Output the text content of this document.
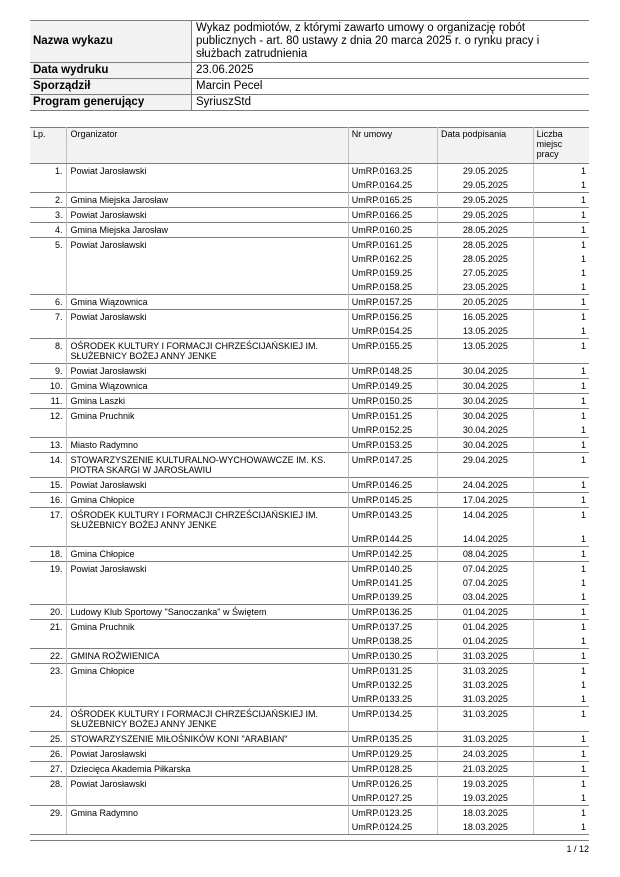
Nazwa wykazu	Wykaz podmiotów, z którymi zawarto umowy o organizację robót publicznych - art. 80 ustawy z dnia 20 marca 2025 r. o rynku pracy i służbach zatrudnienia
Data wydruku	23.06.2025
Sporządził	Marcin Pecel
Program generujący	SyriuszStd
Lp.	Organizator	Nr umowy	Data podpisania	Liczba miejsc pracy
1.	Powiat Jarosławski	UmRP.0163.25	29.05.2025	1
		UmRP.0164.25	29.05.2025	1
2.	Gmina Miejska Jarosław	UmRP.0165.25	29.05.2025	1
3.	Powiat Jarosławski	UmRP.0166.25	29.05.2025	1
4.	Gmina Miejska Jarosław	UmRP.0160.25	28.05.2025	1
5.	Powiat Jarosławski	UmRP.0161.25	28.05.2025	1
		UmRP.0162.25	28.05.2025	1
		UmRP.0159.25	27.05.2025	1
		UmRP.0158.25	23.05.2025	1
6.	Gmina Wiązownica	UmRP.0157.25	20.05.2025	1
7.	Powiat Jarosławski	UmRP.0156.25	16.05.2025	1
		UmRP.0154.25	13.05.2025	1
8.	OŚRODEK KULTURY I FORMACJI CHRZEŚCIJAŃSKIEJ IM. SŁUŻEBNICY BOŻEJ ANNY JENKE	UmRP.0155.25	13.05.2025	1
9.	Powiat Jarosławski	UmRP.0148.25	30.04.2025	1
10.	Gmina Wiązownica	UmRP.0149.25	30.04.2025	1
11.	Gmina Laszki	UmRP.0150.25	30.04.2025	1
12.	Gmina Pruchnik	UmRP.0151.25	30.04.2025	1
		UmRP.0152.25	30.04.2025	1
13.	Miasto Radymno	UmRP.0153.25	30.04.2025	1
14.	STOWARZYSZENIE KULTURALNO-WYCHOWAWCZE IM. KS. PIOTRA SKARGI W JAROSŁAWIU	UmRP.0147.25	29.04.2025	1
15.	Powiat Jarosławski	UmRP.0146.25	24.04.2025	1
16.	Gmina Chłopice	UmRP.0145.25	17.04.2025	1
17.	OŚRODEK KULTURY I FORMACJI CHRZEŚCIJAŃSKIEJ IM. SŁUŻEBNICY BOŻEJ ANNY JENKE	UmRP.0143.25	14.04.2025	1
		UmRP.0144.25	14.04.2025	1
18.	Gmina Chłopice	UmRP.0142.25	08.04.2025	1
19.	Powiat Jarosławski	UmRP.0140.25	07.04.2025	1
		UmRP.0141.25	07.04.2025	1
		UmRP.0139.25	03.04.2025	1
20.	Ludowy Klub Sportowy "Sanoczanka" w Świętem	UmRP.0136.25	01.04.2025	1
21.	Gmina Pruchnik	UmRP.0137.25	01.04.2025	1
		UmRP.0138.25	01.04.2025	1
22.	GMINA ROŹWIENICA	UmRP.0130.25	31.03.2025	1
23.	Gmina Chłopice	UmRP.0131.25	31.03.2025	1
		UmRP.0132.25	31.03.2025	1
		UmRP.0133.25	31.03.2025	1
24.	OŚRODEK KULTURY I FORMACJI CHRZEŚCIJAŃSKIEJ IM. SŁUŻEBNICY BOŻEJ ANNY JENKE	UmRP.0134.25	31.03.2025	1
25.	STOWARZYSZENIE MIŁOŚNIKÓW KONI "ARABIAN"	UmRP.0135.25	31.03.2025	1
26.	Powiat Jarosławski	UmRP.0129.25	24.03.2025	1
27.	Dziecięca Akademia Piłkarska	UmRP.0128.25	21.03.2025	1
28.	Powiat Jarosławski	UmRP.0126.25	19.03.2025	1
		UmRP.0127.25	19.03.2025	1
29.	Gmina Radymno	UmRP.0123.25	18.03.2025	1
		UmRP.0124.25	18.03.2025	1
1 / 12
